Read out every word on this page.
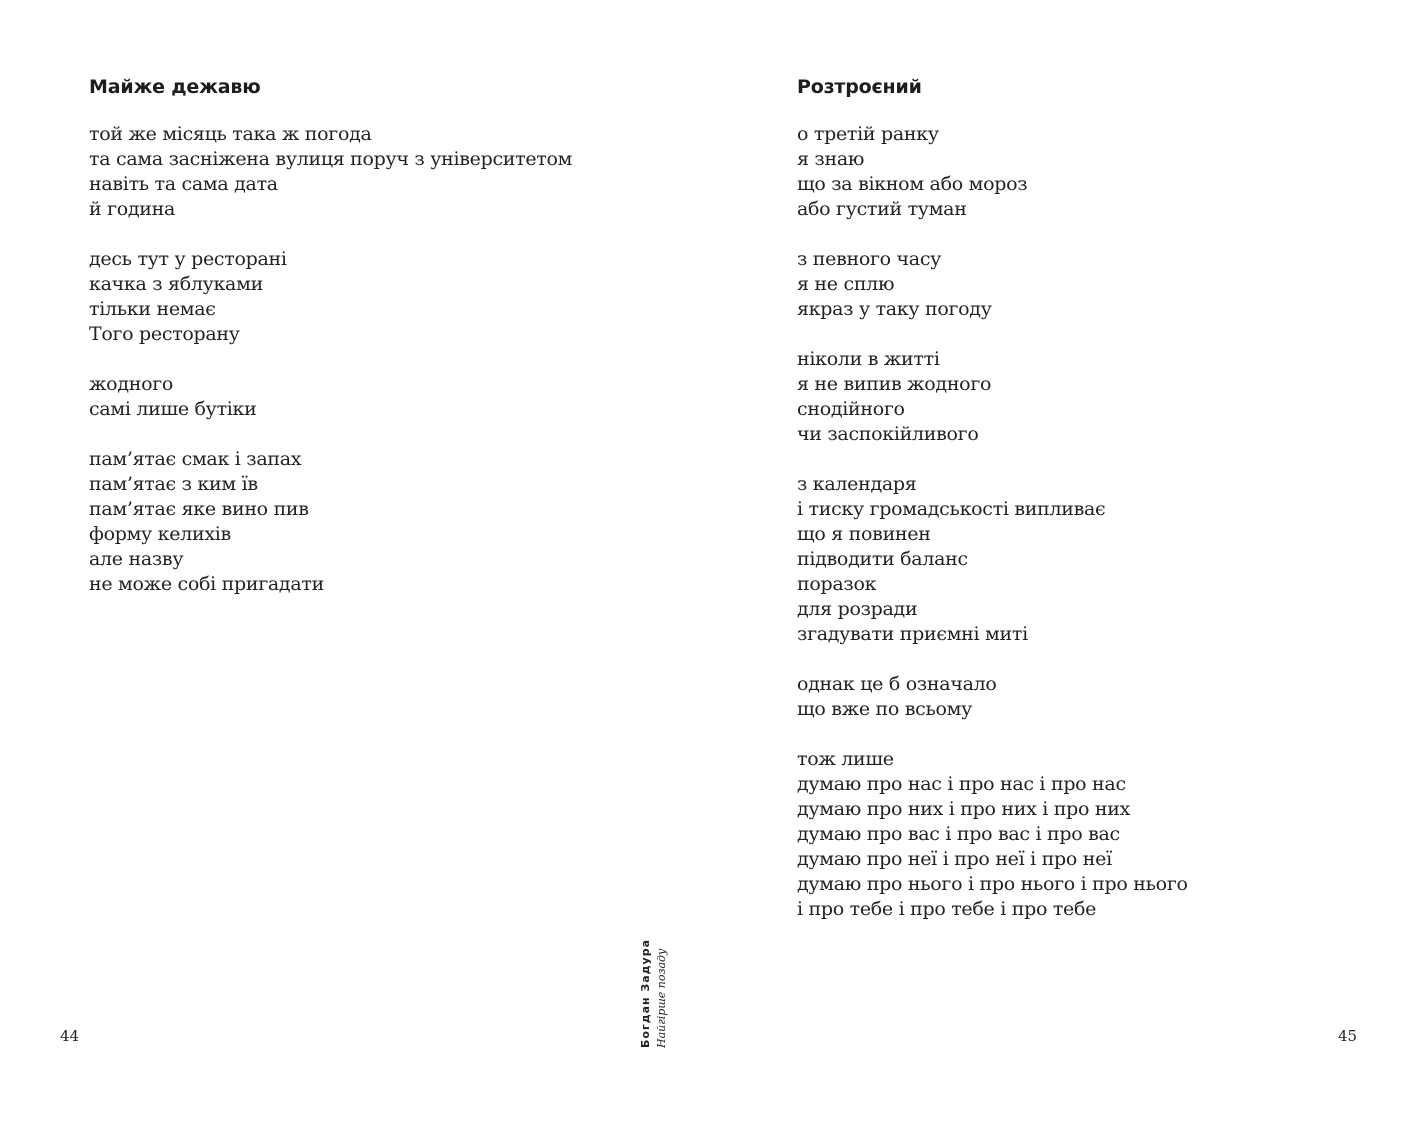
Майже дежавю
той же місяць така ж погода
та сама засніжена вулиця поруч з університетом
навіть та сама дата
й година
десь тут у ресторані
качка з яблуками
тільки немає
Того ресторану
жодного
самі лише бутіки
пам’ятає смак і запах
пам’ятає з ким їв
пам’ятає яке вино пив
форму келихів
але назву
не може собі пригадати
44	Богдан Задура Найгірше позаду
Розтроєний
о третій ранку
я знаю
що за вікном або мороз
або густий туман
з певного часу
я не сплю
якраз у таку погоду
ніколи в житті
я не випив жодного
снодійного
чи заспокійливого
з календаря
і тиску громадськості випливає
що я повинен
підводити баланс
поразок
для розради
згадувати приємні миті
однак це б означало
що вже по всьому
тож лише
думаю про нас і про нас і про нас
думаю про них і про них і про них
думаю про вас і про вас і про вас
думаю про неї і про неї і про неї
думаю про нього і про нього і про нього
і про тебе і про тебе і про тебе
45
